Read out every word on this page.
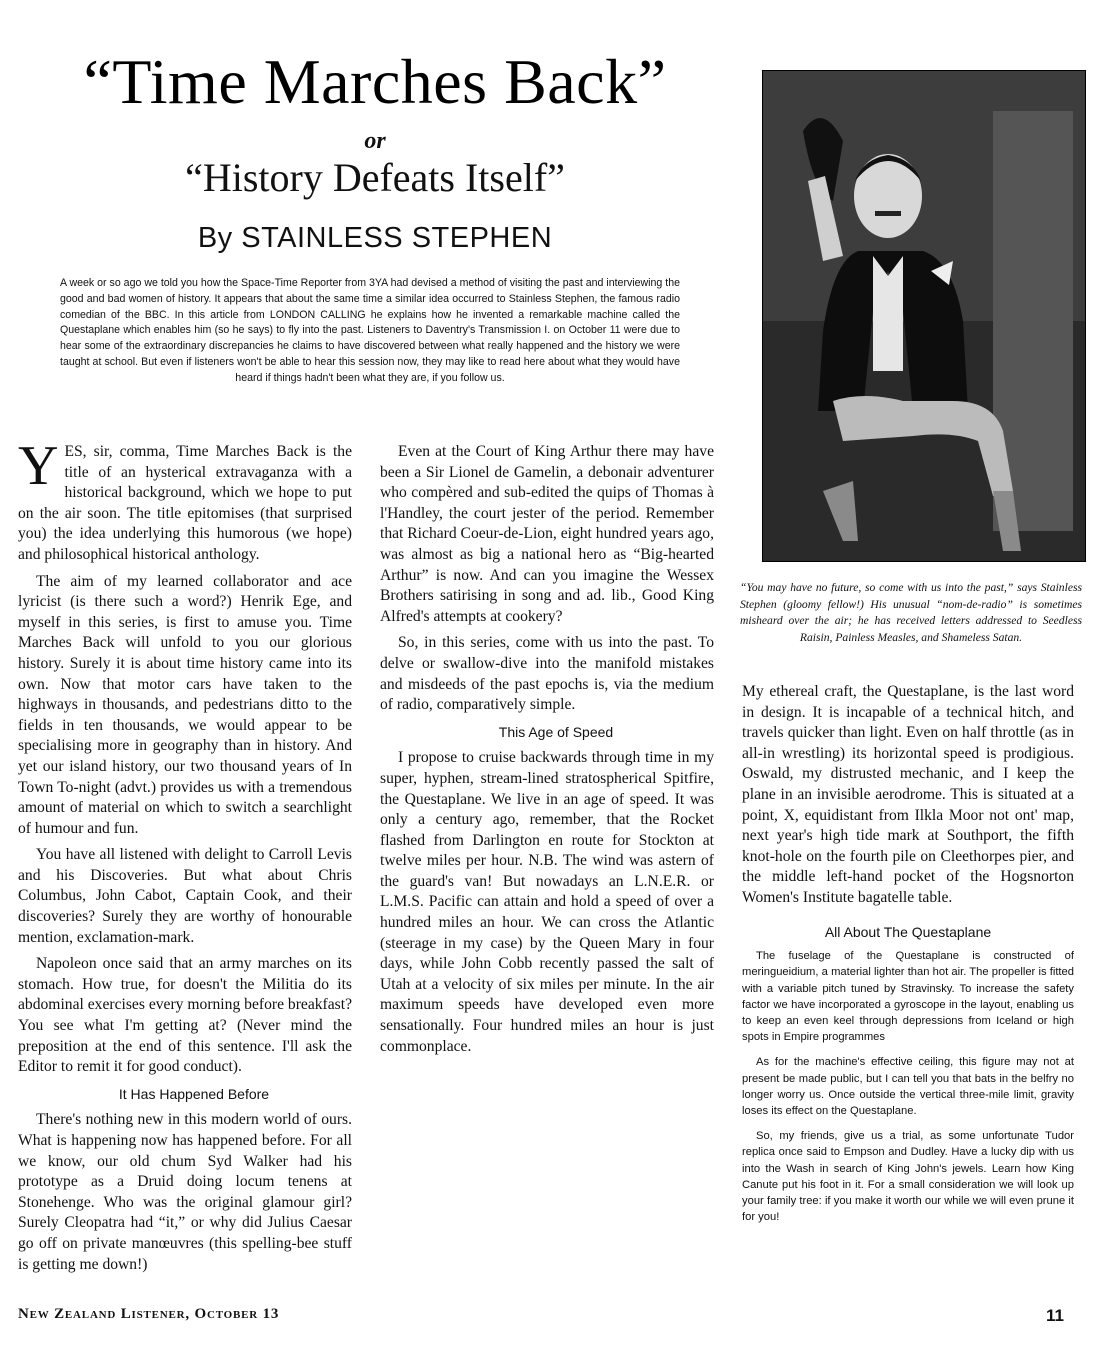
“Time Marches Back”
or
“History Defeats Itself”
By STAINLESS STEPHEN
A week or so ago we told you how the Space-Time Reporter from 3YA had devised a method of visiting the past and interviewing the good and bad women of history. It appears that about the same time a similar idea occurred to Stainless Stephen, the famous radio comedian of the BBC. In this article from LONDON CALLING he explains how he invented a remarkable machine called the Questaplane which enables him (so he says) to fly into the past. Listeners to Daventry's Transmission I. on October 11 were due to hear some of the extraordinary discrepancies he claims to have discovered between what really happened and the history we were taught at school. But even if listeners won't be able to hear this session now, they may like to read here about what they would have heard if things hadn't been what they are, if you follow us.
“You may have no future, so come with us into the past,” says Stainless Stephen (gloomy fellow!) His unusual “nom-de-radio” is sometimes misheard over the air; he has received letters addressed to Seedless Raisin, Painless Measles, and Shameless Satan.

YES, sir, comma, Time Marches Back is the title of an hysterical extravaganza with a historical background, which we hope to put on the air soon. The title epitomises (that surprised you) the idea underlying this humorous (we hope) and philosophical historical anthology.

The aim of my learned collaborator and ace lyricist (is there such a word?) Henrik Ege, and myself in this series, is first to amuse you. Time Marches Back will unfold to you our glorious history. Surely it is about time history came into its own. Now that motor cars have taken to the highways in thousands, and pedestrians ditto to the fields in ten thousands, we would appear to be specialising more in geography than in history. And yet our island history, our two thousand years of In Town To-night (advt.) provides us with a tremendous amount of material on which to switch a searchlight of humour and fun.

You have all listened with delight to Carroll Levis and his Discoveries. But what about Chris Columbus, John Cabot, Captain Cook, and their discoveries? Surely they are worthy of honourable mention, exclamation-mark.

Napoleon once said that an army marches on its stomach. How true, for doesn't the Militia do its abdominal exercises every morning before breakfast? You see what I'm getting at? (Never mind the preposition at the end of this sentence. I'll ask the Editor to remit it for good conduct).

It Has Happened Before

There's nothing new in this modern world of ours. What is happening now has happened before. For all we know, our old chum Syd Walker had his prototype as a Druid doing locum tenens at Stonehenge. Who was the original glamour girl? Surely Cleopatra had “it,” or why did Julius Caesar go off on private manœuvres (this spelling-bee stuff is getting me down!)

Even at the Court of King Arthur there may have been a Sir Lionel de Gamelin, a debonair adventurer who compèred and sub-edited the quips of Thomas à l'Handley, the court jester of the period. Remember that Richard Coeur-de-Lion, eight hundred years ago, was almost as big a national hero as “Big-hearted Arthur” is now. And can you imagine the Wessex Brothers satirising in song and ad. lib., Good King Alfred's attempts at cookery?

So, in this series, come with us into the past. To delve or swallow-dive into the manifold mistakes and misdeeds of the past epochs is, via the medium of radio, comparatively simple.

This Age of Speed

I propose to cruise backwards through time in my super, hyphen, stream-lined stratospherical Spitfire, the Questaplane. We live in an age of speed. It was only a century ago, remember, that the Rocket flashed from Darlington en route for Stockton at twelve miles per hour. N.B. The wind was astern of the guard's van! But nowadays an L.N.E.R. or L.M.S. Pacific can attain and hold a speed of over a hundred miles an hour. We can cross the Atlantic (steerage in my case) by the Queen Mary in four days, while John Cobb recently passed the salt of Utah at a velocity of six miles per minute. In the air maximum speeds have developed even more sensationally. Four hundred miles an hour is just commonplace.

My ethereal craft, the Questaplane, is the last word in design. It is incapable of a technical hitch, and travels quicker than light. Even on half throttle (as in all-in wrestling) its horizontal speed is prodigious. Oswald, my distrusted mechanic, and I keep the plane in an invisible aerodrome. This is situated at a point, X, equidistant from Ilkla Moor not ont' map, next year's high tide mark at Southport, the fifth knot-hole on the fourth pile on Cleethorpes pier, and the middle left-hand pocket of the Hogsnorton Women's Institute bagatelle table.

All About The Questaplane

The fuselage of the Questaplane is constructed of meringueidium, a material lighter than hot air. The propeller is fitted with a variable pitch tuned by Stravinsky. To increase the safety factor we have incorporated a gyroscope in the layout, enabling us to keep an even keel through depressions from Iceland or high spots in Empire programmes

As for the machine's effective ceiling, this figure may not at present be made public, but I can tell you that bats in the belfry no longer worry us. Once outside the vertical three-mile limit, gravity loses its effect on the Questaplane.

So, my friends, give us a trial, as some unfortunate Tudor replica once said to Empson and Dudley. Have a lucky dip with us into the Wash in search of King John's jewels. Learn how King Canute put his foot in it. For a small consideration we will look up your family tree: if you make it worth our while we will even prune it for you!

New Zealand Listener, October 13	11
